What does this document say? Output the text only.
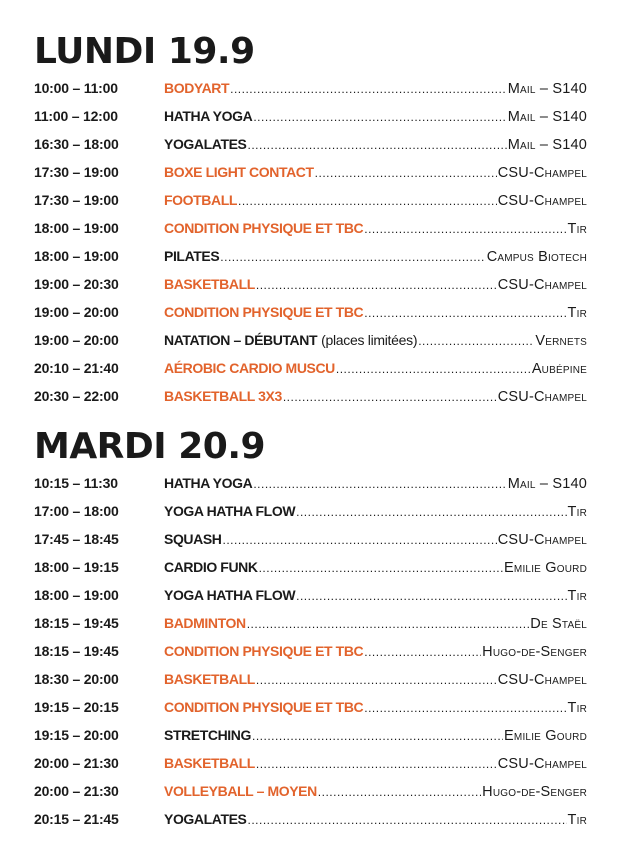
LUNDI 19.9
10:00 – 11:00	BODYART .....	Mail – S140
11:00 – 12:00	HATHA YOGA .....	Mail – S140
16:30 – 18:00	YOGALATES .....	Mail – S140
17:30 – 19:00	BOXE LIGHT CONTACT .....	CSU-Champel
17:30 – 19:00	FOOTBALL .....	CSU-Champel
18:00 – 19:00	CONDITION PHYSIQUE ET TBC .....	Tir
18:00 – 19:00	PILATES .....	Campus Biotech
19:00 – 20:30	BASKETBALL .....	CSU-Champel
19:00 – 20:00	CONDITION PHYSIQUE ET TBC .....	Tir
19:00 – 20:00	NATATION – DÉBUTANT (places limitées) .....	Vernets
20:10 – 21:40	AÉROBIC CARDIO MUSCU .....	Aubépine
20:30 – 22:00	BASKETBALL 3X3 .....	CSU-Champel
MARDI 20.9
10:15 – 11:30	HATHA YOGA .....	Mail – S140
17:00 – 18:00	YOGA HATHA FLOW .....	Tir
17:45 – 18:45	SQUASH .....	CSU-Champel
18:00 – 19:15	CARDIO FUNK .....	Emilie Gourd
18:00 – 19:00	YOGA HATHA FLOW .....	Tir
18:15 – 19:45	BADMINTON .....	De Staël
18:15 – 19:45	CONDITION PHYSIQUE ET TBC .....	Hugo-de-Senger
18:30 – 20:00	BASKETBALL .....	CSU-Champel
19:15 – 20:15	CONDITION PHYSIQUE ET TBC .....	Tir
19:15 – 20:00	STRETCHING .....	Emilie Gourd
20:00 – 21:30	BASKETBALL .....	CSU-Champel
20:00 – 21:30	VOLLEYBALL – MOYEN .....	Hugo-de-Senger
20:15 – 21:45	YOGALATES .....	Tir
